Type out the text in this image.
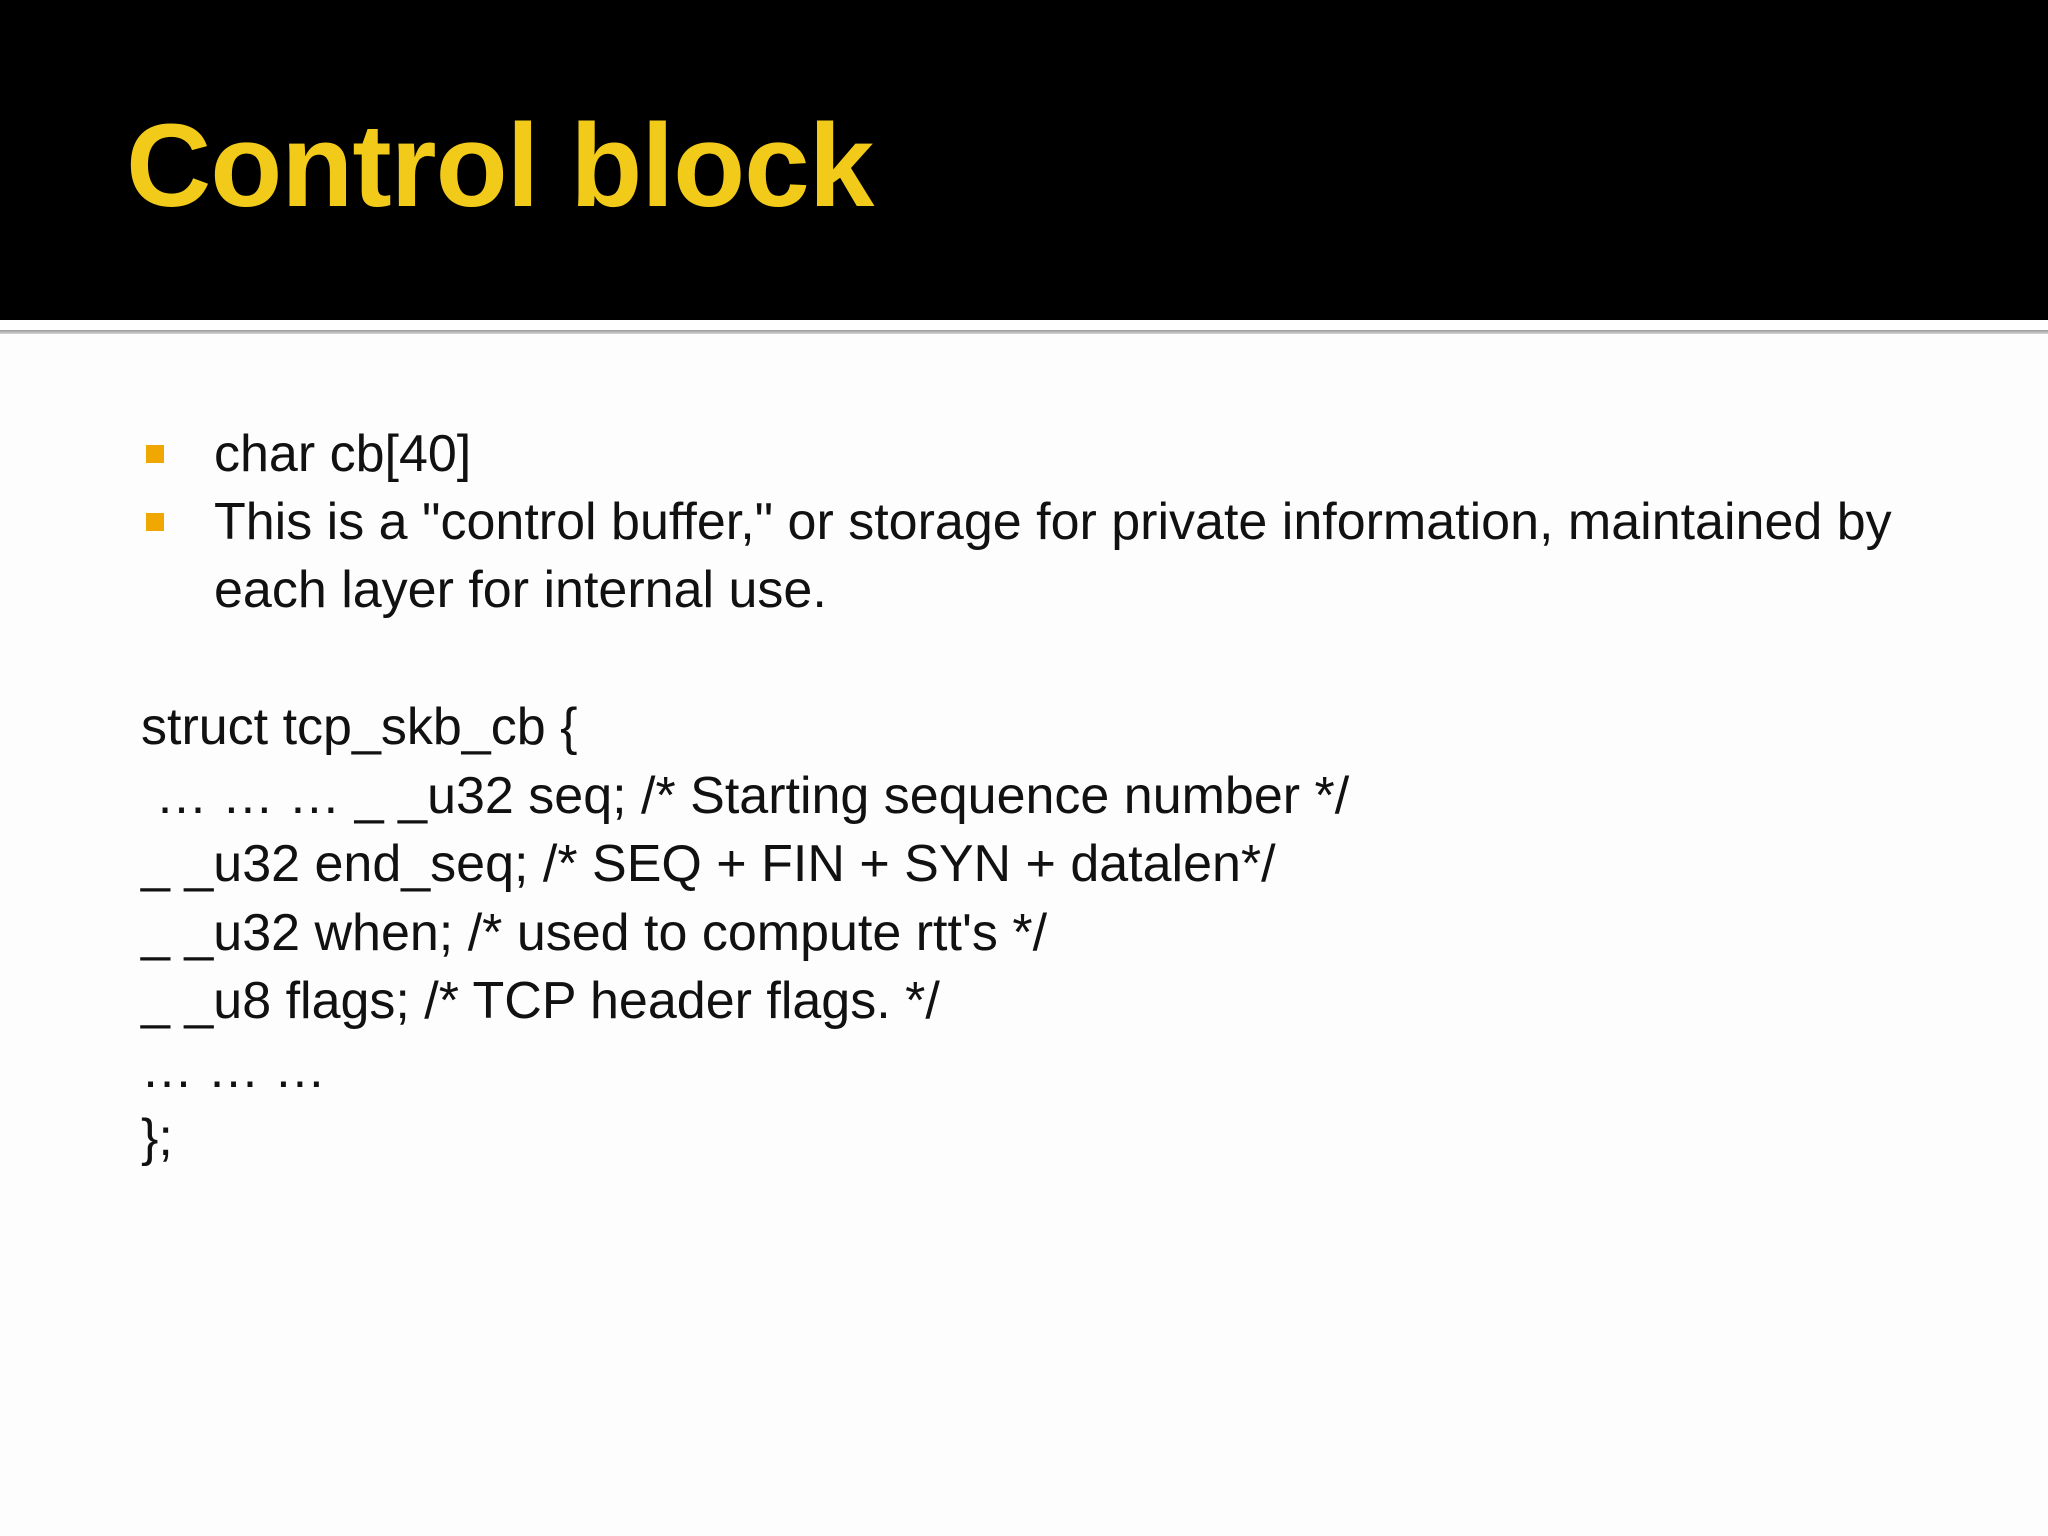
Control block
char cb[40]
This is a "control buffer," or storage for private information, maintained by each layer for internal use.
struct tcp_skb_cb {
… … … _ _u32 seq; /* Starting sequence number */
_ _u32 end_seq; /* SEQ + FIN + SYN + datalen*/
_ _u32 when; /* used to compute rtt's */
_ _u8 flags; /* TCP header flags. */
… … …
};
